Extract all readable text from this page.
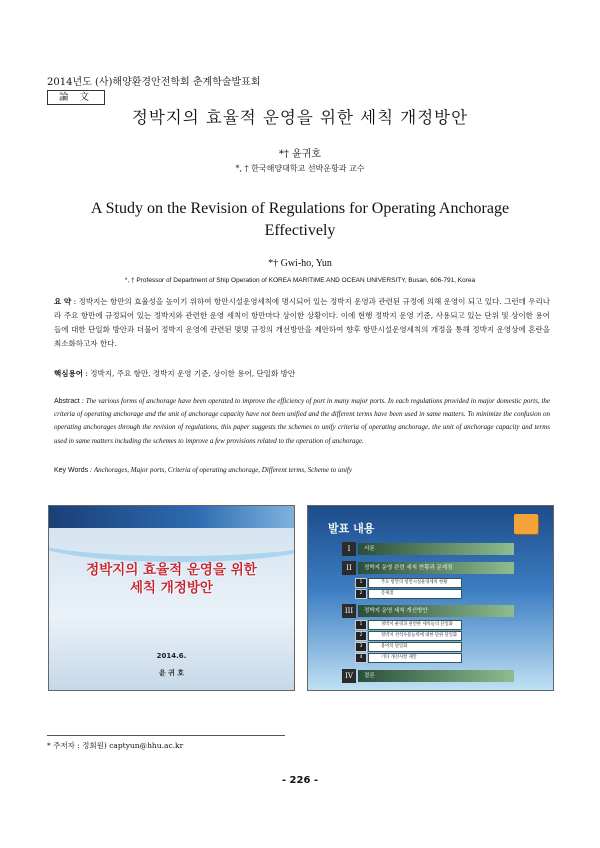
2014년도 (사)해양환경안전학회 춘계학술발표회
論 文
정박지의 효율적 운영을 위한 세칙 개정방안
*† 윤귀호
*, † 한국해양대학교 선박운항과 교수
A Study on the Revision of Regulations for Operating Anchorage
Effectively
*† Gwi-ho, Yun
*, † Professor of Department of Ship Operation of KOREA MARITIME AND OCEAN UNIVERSITY, Busan, 606-791, Korea
요 약 : 정박지는 항만의 효율성을 높이기 위하여 항만시설운영세칙에 명시되어 있는 정박지 운영과 관련된 규정에 의해 운영이 되고 있다. 그런데 우리나라 주요 항만에 규정되어 있는 정박지와 관련한 운영 세칙이 항만마다 상이한 상황이다. 이에 현행 정박지 운영 기준, 사용되고 있는 단위 및 상이한 용어들에 대한 단일화 방안과 더불어 정박지 운영에 관련된 몇몇 규정의 개선방안을 제안하여 향후 항만시설운영세칙의 개정을 통해 정박지 운영상에 혼란을 최소화하고자 한다.
핵심용어 : 정박지, 주요 항만, 정박지 운영 기준, 상이한 용어, 단일화 방안
Abstract : The various forms of anchorage have been operated to improve the efficiency of port in many major ports. In each regulations provided in major domestic ports, the criteria of operating anchorage and the unit of anchorage capacity have not been unified and the different terms have been used in same matters. To minimize the confusion on operating anchorages through the revision of regulations, this paper suggests the schemes to unify criteria of operating anchorage, the unit of anchorage capacity and terms used in same matters including the schemes to improve a few provisions related to the operation of anchorage.
Key Words : Anchorages, Major ports, Criteria of operating anchorage, Different terms, Scheme to unify
정박지의 효율적 운영을 위한
세칙 개정방안
2014.6.
윤 귀 호
발표 내용
I	서론
II	정박지 운영 관련 세칙 현황과 문제점
1	주요 항만의 항만시설운영세칙 현황
2	문제점
III	정박지 운영 세칙 개선방안
1	정박지 운영과 관련한 세칙들의 단일화
2	정박지 선석수용능력에 대한 단위 단일화
3	용어의 단일화
4	기타 개선사항 제안
IV	결론
* 주저자 : 정회원) captyun@hhu.ac.kr
- 226 -
